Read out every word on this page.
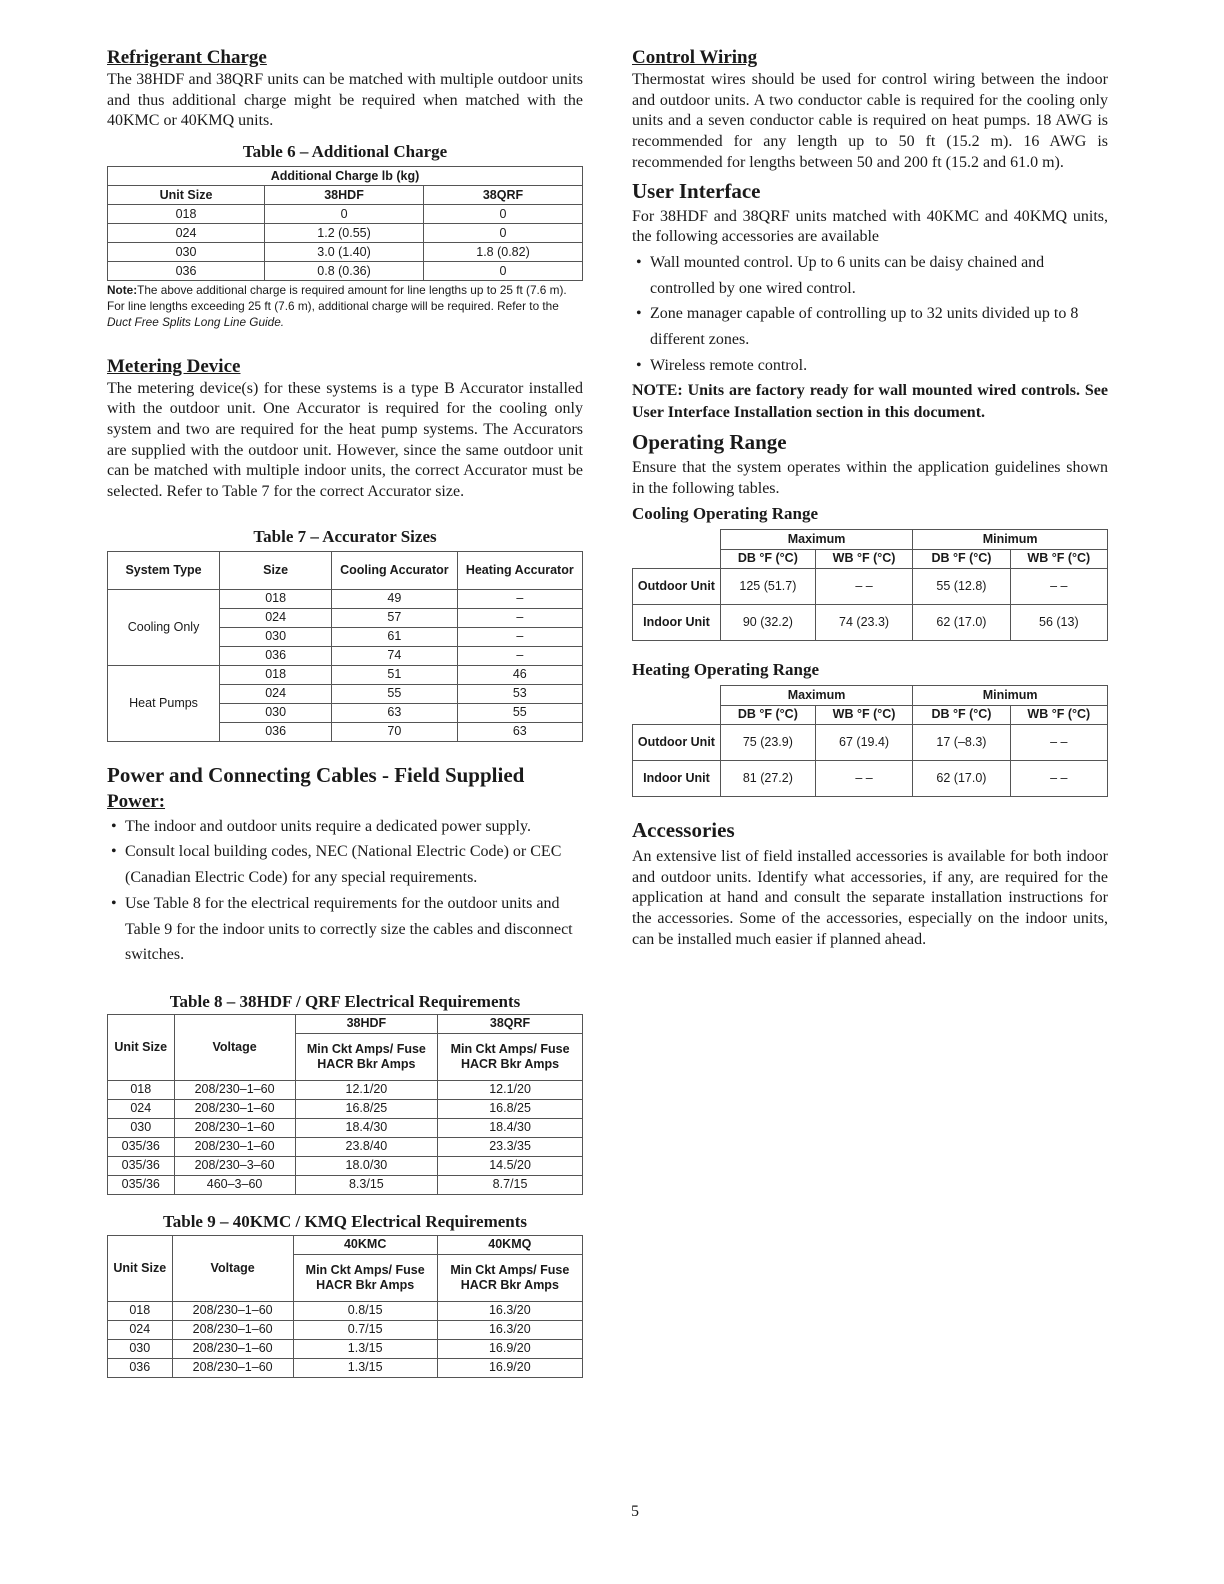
Refrigerant Charge

The 38HDF and 38QRF units can be matched with multiple outdoor units and thus additional charge might be required when matched with the 40KMC or 40KMQ units.

Table 6 – Additional Charge
Additional Charge lb (kg)		
Unit Size	38HDF	38QRF
018	0	0
024	1.2 (0.55)	0
030	3.0 (1.40)	1.8 (0.82)
036	0.8 (0.36)	0
Note:The above additional charge is required amount for line lengths up to 25 ft (7.6 m). For line lengths exceeding 25 ft (7.6 m), additional charge will be required. Refer to the Duct Free Splits Long Line Guide.
Metering Device

The metering device(s) for these systems is a type B Accurator installed with the outdoor unit. One Accurator is required for the cooling only system and two are required for the heat pump systems. The Accurators are supplied with the outdoor unit. However, since the same outdoor unit can be matched with multiple indoor units, the correct Accurator must be selected. Refer to Table 7 for the correct Accurator size.

Table 7 – Accurator Sizes
System Type	Size	Cooling Accurator	Heating Accurator
Cooling Only	018	49	–
	024	57	–
	030	61	–
	036	74	–
Heat Pumps	018	51	46
	024	55	53
	030	63	55
	036	70	63
Power and Connecting Cables - Field Supplied
Power:
• The indoor and outdoor units require a dedicated power supply.
• Consult local building codes, NEC (National Electric Code) or CEC (Canadian Electric Code) for any special requirements.
• Use Table 8 for the electrical requirements for the outdoor units and Table 9 for the indoor units to correctly size the cables and disconnect switches.
Table 8 – 38HDF / QRF Electrical Requirements
Unit Size	Voltage	38HDF	38QRF
		Min Ckt Amps/ Fuse HACR Bkr Amps	Min Ckt Amps/ Fuse HACR Bkr Amps
018	208/230–1–60	12.1/20	12.1/20
024	208/230–1–60	16.8/25	16.8/25
030	208/230–1–60	18.4/30	18.4/30
035/36	208/230–1–60	23.8/40	23.3/35
035/36	208/230–3–60	18.0/30	14.5/20
035/36	460–3–60	8.3/15	8.7/15
Table 9 – 40KMC / KMQ Electrical Requirements
Unit Size	Voltage	40KMC	40KMQ
		Min Ckt Amps/ Fuse HACR Bkr Amps	Min Ckt Amps/ Fuse HACR Bkr Amps
018	208/230–1–60	0.8/15	16.3/20
024	208/230–1–60	0.7/15	16.3/20
030	208/230–1–60	1.3/15	16.9/20
036	208/230–1–60	1.3/15	16.9/20
Control Wiring

Thermostat wires should be used for control wiring between the indoor and outdoor units. A two conductor cable is required for the cooling only units and a seven conductor cable is required on heat pumps. 18 AWG is recommended for any length up to 50 ft (15.2 m). 16 AWG is recommended for lengths between 50 and 200 ft (15.2 and 61.0 m).

User Interface

For 38HDF and 38QRF units matched with 40KMC and 40KMQ units, the following accessories are available

• Wall mounted control. Up to 6 units can be daisy chained and controlled by one wired control.
• Zone manager capable of controlling up to 32 units divided up to 8 different zones.
• Wireless remote control.

NOTE: Units are factory ready for wall mounted wired controls. See User Interface Installation section in this document.

Operating Range

Ensure that the system operates within the application guidelines shown in the following tables.

Cooling Operating Range
	Maximum		Minimum	
	DB °F (°C)	WB °F (°C)	DB °F (°C)	WB °F (°C)
Outdoor Unit	125 (51.7)	– –	55 (12.8)	– –
Indoor Unit	90 (32.2)	74 (23.3)	62 (17.0)	56 (13)
Heating Operating Range
	Maximum		Minimum	
	DB °F (°C)	WB °F (°C)	DB °F (°C)	WB °F (°C)
Outdoor Unit	75 (23.9)	67 (19.4)	17 (–8.3)	– –
Indoor Unit	81 (27.2)	– –	62 (17.0)	– –
Accessories

An extensive list of field installed accessories is available for both indoor and outdoor units. Identify what accessories, if any, are required for the application at hand and consult the separate installation instructions for the accessories. Some of the accessories, especially on the indoor units, can be installed much easier if planned ahead.

5
